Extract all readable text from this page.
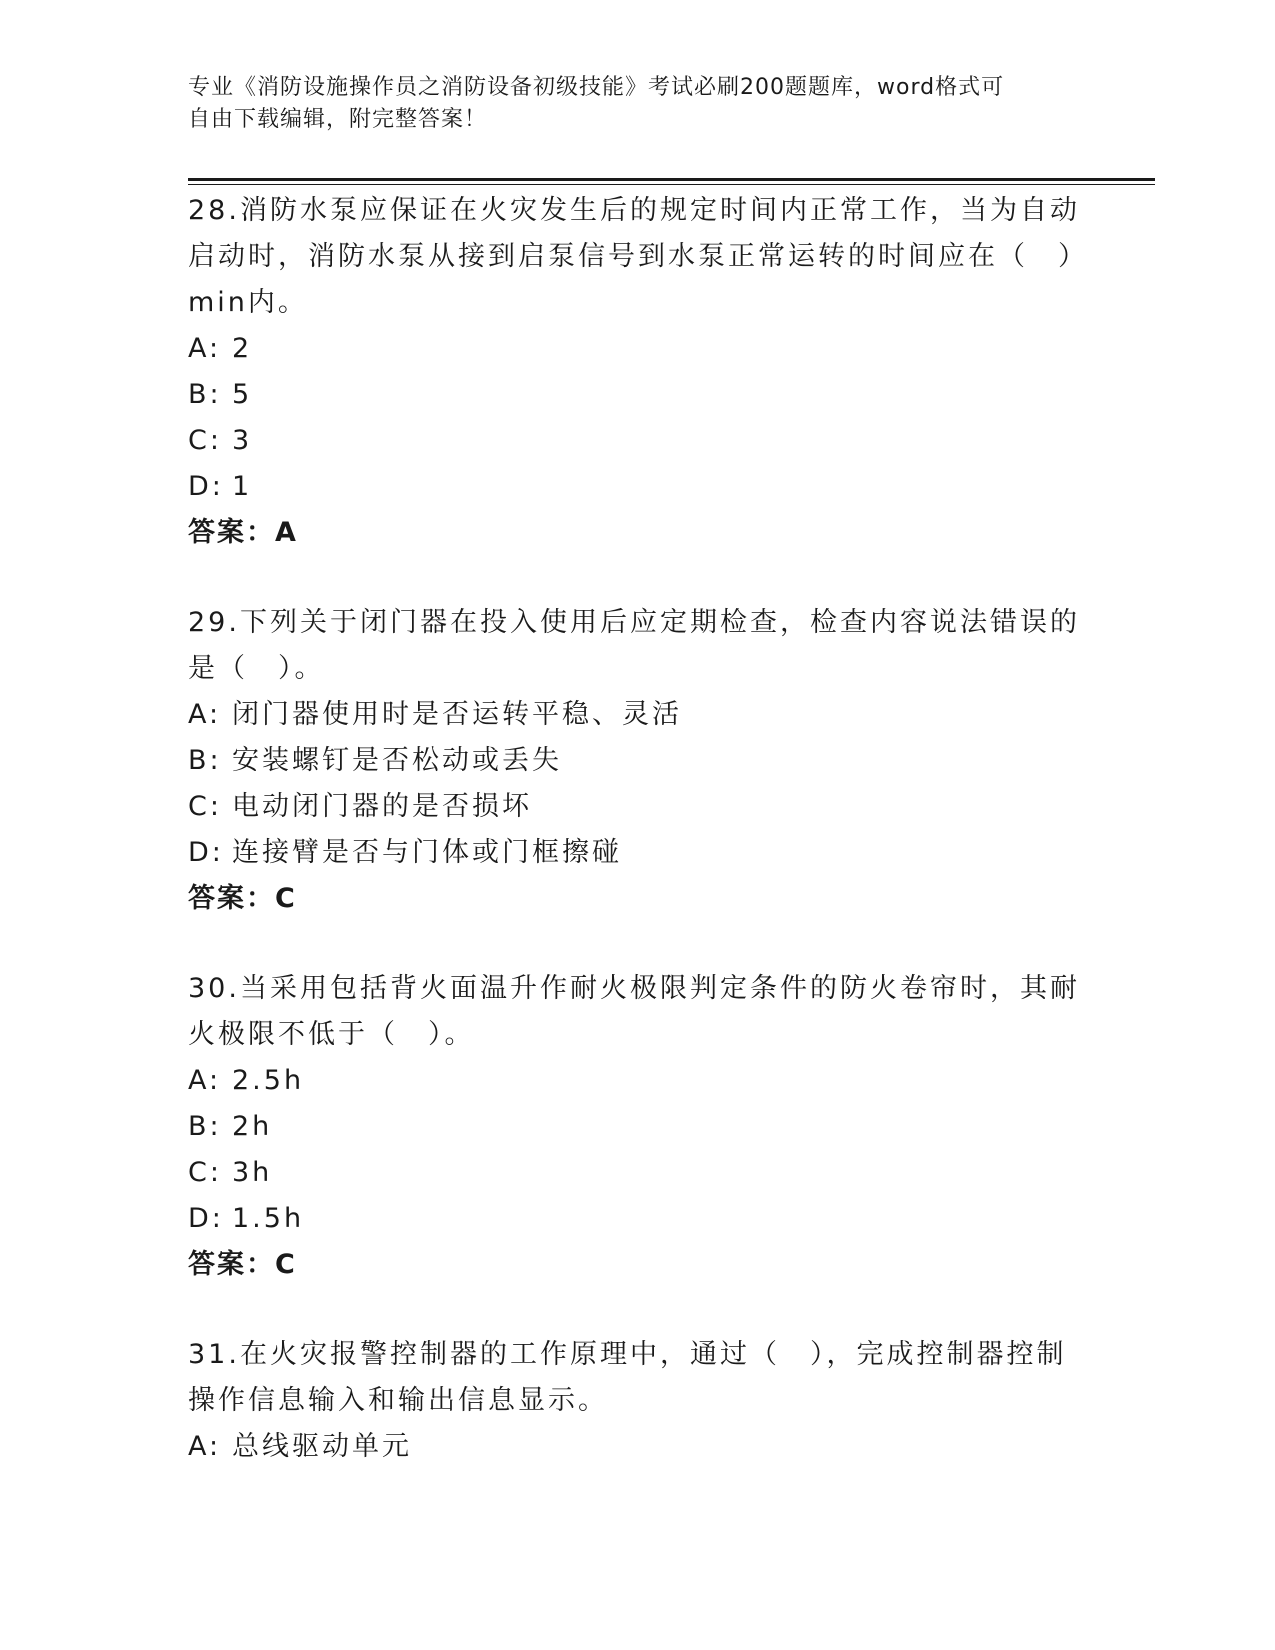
专业《消防设施操作员之消防设备初级技能》考试必刷200题题库，word格式可
自由下载编辑，附完整答案！

28.消防水泵应保证在火灾发生后的规定时间内正常工作，当为自动启动时，消防水泵从接到启泵信号到水泵正常运转的时间应在（　）min内。

A: 2

B: 5

C: 3

D: 1

答案：A

29.下列关于闭门器在投入使用后应定期检查，检查内容说法错误的是（　）。

A: 闭门器使用时是否运转平稳、灵活

B: 安装螺钉是否松动或丢失

C: 电动闭门器的是否损坏

D: 连接臂是否与门体或门框擦碰

答案：C

30.当采用包括背火面温升作耐火极限判定条件的防火卷帘时，其耐火极限不低于（　）。

A: 2.5h

B: 2h

C: 3h

D: 1.5h

答案：C

31.在火灾报警控制器的工作原理中，通过（　），完成控制器控制操作信息输入和输出信息显示。

A: 总线驱动单元
